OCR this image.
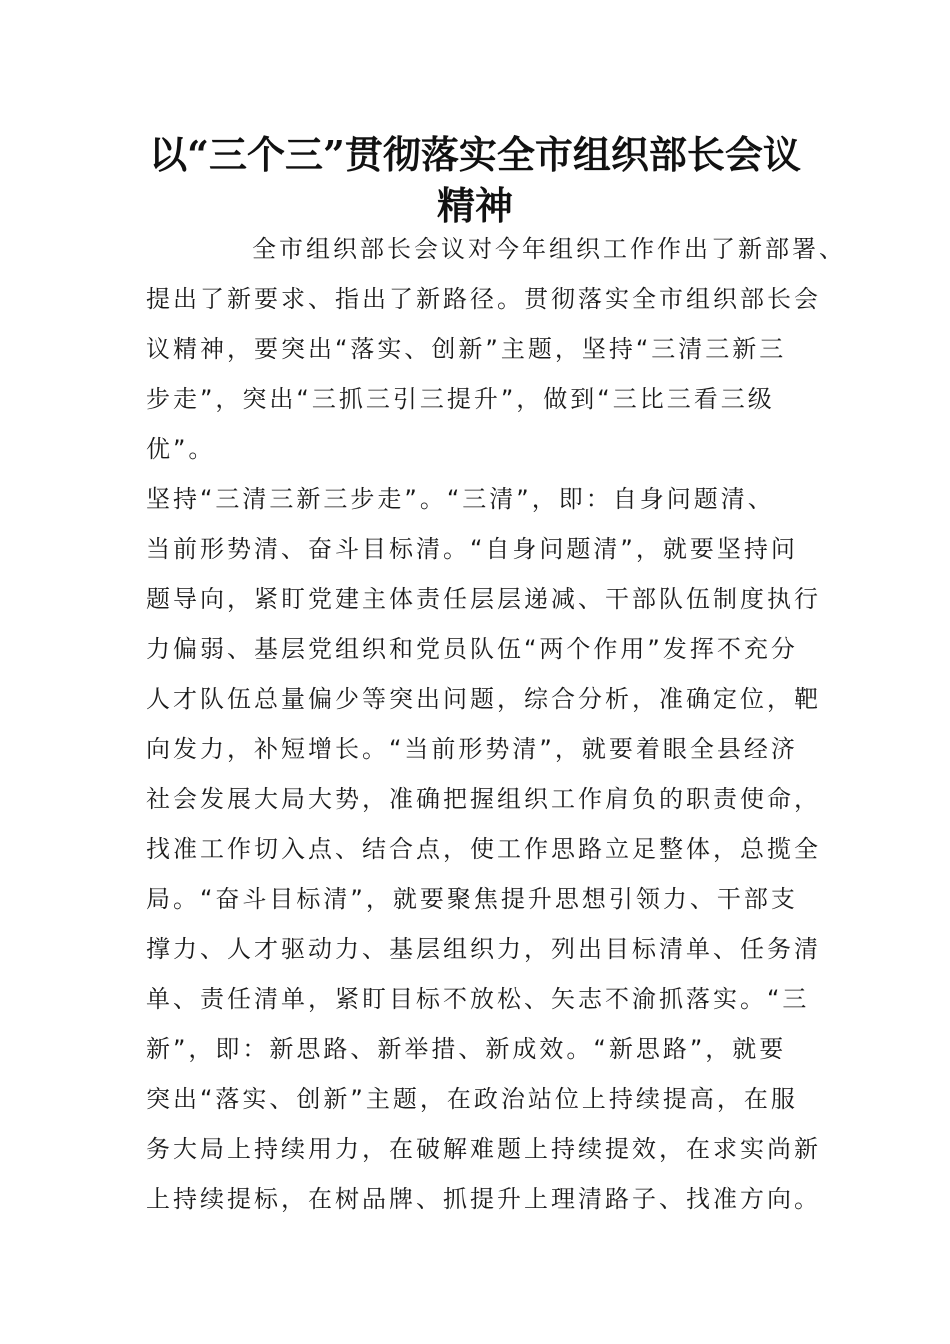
以“三个三”贯彻落实全市组织部长会议
精神

全市组织部长会议对今年组织工作作出了新部署、

提出了新要求、指出了新路径。贯彻落实全市组织部长会

议精神，要突出“落实、创新”主题，坚持“三清三新三

步走”，突出“三抓三引三提升”，做到“三比三看三级

优”。

坚持“三清三新三步走”。“三清”，即：自身问题清、

当前形势清、奋斗目标清。“自身问题清”，就要坚持问

题导向，紧盯党建主体责任层层递减、干部队伍制度执行

力偏弱、基层党组织和党员队伍“两个作用”发挥不充分

人才队伍总量偏少等突出问题，综合分析，准确定位，靶

向发力，补短增长。“当前形势清”，就要着眼全县经济

社会发展大局大势，准确把握组织工作肩负的职责使命，

找准工作切入点、结合点，使工作思路立足整体，总揽全

局。“奋斗目标清”，就要聚焦提升思想引领力、干部支

撑力、人才驱动力、基层组织力，列出目标清单、任务清

单、责任清单，紧盯目标不放松、矢志不渝抓落实。“三

新”，即：新思路、新举措、新成效。“新思路”，就要

突出“落实、创新”主题，在政治站位上持续提高，在服

务大局上持续用力，在破解难题上持续提效，在求实尚新

上持续提标，在树品牌、抓提升上理清路子、找准方向。
